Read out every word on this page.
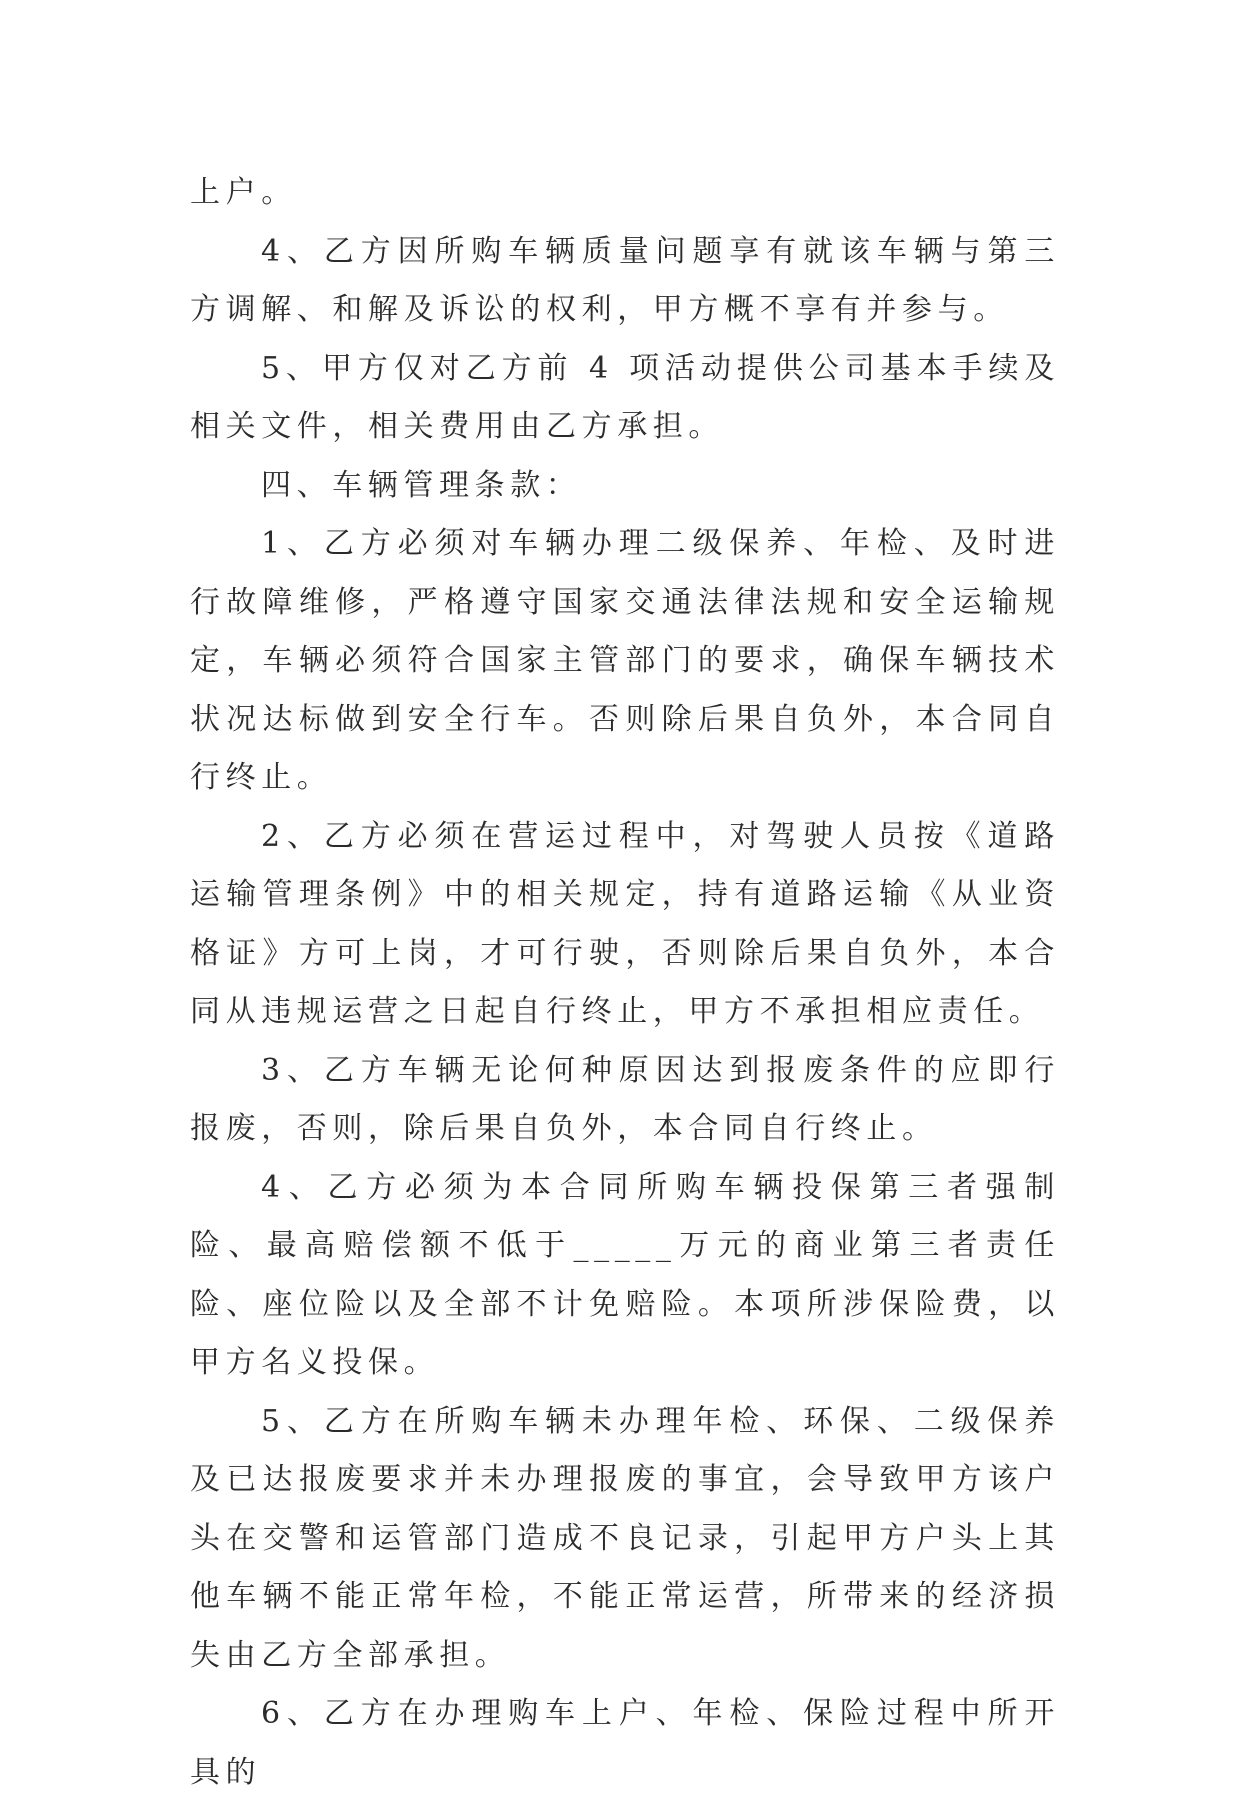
上户。

4、乙方因所购车辆质量问题享有就该车辆与第三方调解、和解及诉讼的权利，甲方概不享有并参与。

5、甲方仅对乙方前 4 项活动提供公司基本手续及相关文件，相关费用由乙方承担。

四、车辆管理条款：

1、乙方必须对车辆办理二级保养、年检、及时进行故障维修，严格遵守国家交通法律法规和安全运输规定，车辆必须符合国家主管部门的要求，确保车辆技术状况达标做到安全行车。否则除后果自负外，本合同自行终止。

2、乙方必须在营运过程中，对驾驶人员按《道路运输管理条例》中的相关规定，持有道路运输《从业资格证》方可上岗，才可行驶，否则除后果自负外，本合同从违规运营之日起自行终止，甲方不承担相应责任。

3、乙方车辆无论何种原因达到报废条件的应即行报废，否则，除后果自负外，本合同自行终止。

4、乙方必须为本合同所购车辆投保第三者强制险、最高赔偿额不低于_____万元的商业第三者责任险、座位险以及全部不计免赔险。本项所涉保险费，以甲方名义投保。

5、乙方在所购车辆未办理年检、环保、二级保养及已达报废要求并未办理报废的事宜，会导致甲方该户头在交警和运管部门造成不良记录，引起甲方户头上其他车辆不能正常年检，不能正常运营，所带来的经济损失由乙方全部承担。

6、乙方在办理购车上户、年检、保险过程中所开具的
